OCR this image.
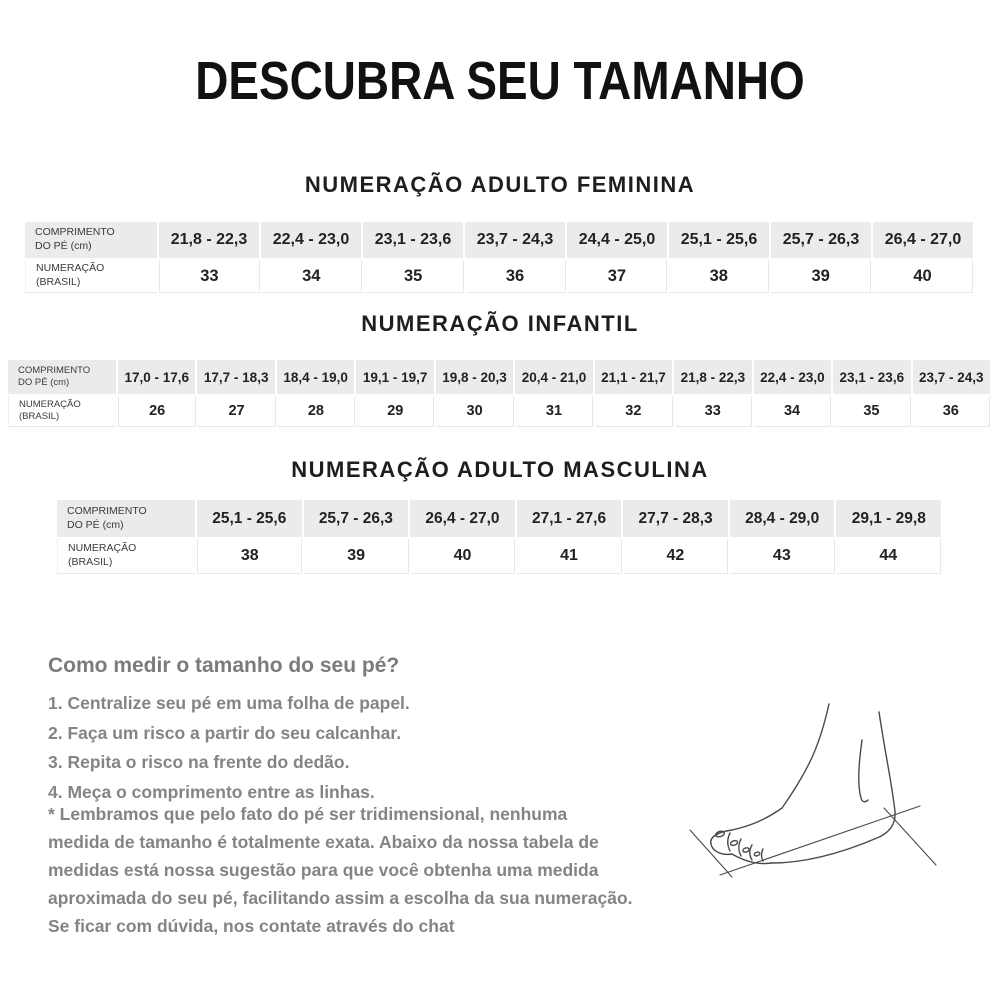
DESCUBRA SEU TAMANHO
NUMERAÇÃO ADULTO FEMININA
COMPRIMENTO
DO PÉ (cm)	21,8 - 22,3	22,4 - 23,0	23,1 - 23,6	23,7 - 24,3	24,4 - 25,0	25,1 - 25,6	25,7 - 26,3	26,4 - 27,0
NUMERAÇÃO
(BRASIL)	33	34	35	36	37	38	39	40
NUMERAÇÃO INFANTIL
COMPRIMENTO
DO PÉ (cm)	17,0 - 17,6	17,7 - 18,3	18,4 - 19,0	19,1 - 19,7	19,8 - 20,3	20,4 - 21,0	21,1 - 21,7	21,8 - 22,3	22,4 - 23,0	23,1 - 23,6	23,7 - 24,3
NUMERAÇÃO
(BRASIL)	26	27	28	29	30	31	32	33	34	35	36
NUMERAÇÃO ADULTO MASCULINA
COMPRIMENTO
DO PÉ (cm)	25,1 - 25,6	25,7 - 26,3	26,4 - 27,0	27,1 - 27,6	27,7 - 28,3	28,4 - 29,0	29,1 - 29,8
NUMERAÇÃO
(BRASIL)	38	39	40	41	42	43	44
Como medir o tamanho do seu pé?
1. Centralize seu pé em uma folha de papel.
2. Faça um risco a partir do seu calcanhar.
3. Repita o risco na frente do dedão.
4. Meça o comprimento entre as linhas.
* Lembramos que pelo fato do pé ser tridimensional, nenhuma medida de tamanho é totalmente exata. Abaixo da nossa tabela de medidas está nossa sugestão para que você obtenha uma medida aproximada do seu pé, facilitando assim a escolha da sua numeração. Se ficar com dúvida, nos contate através do chat
